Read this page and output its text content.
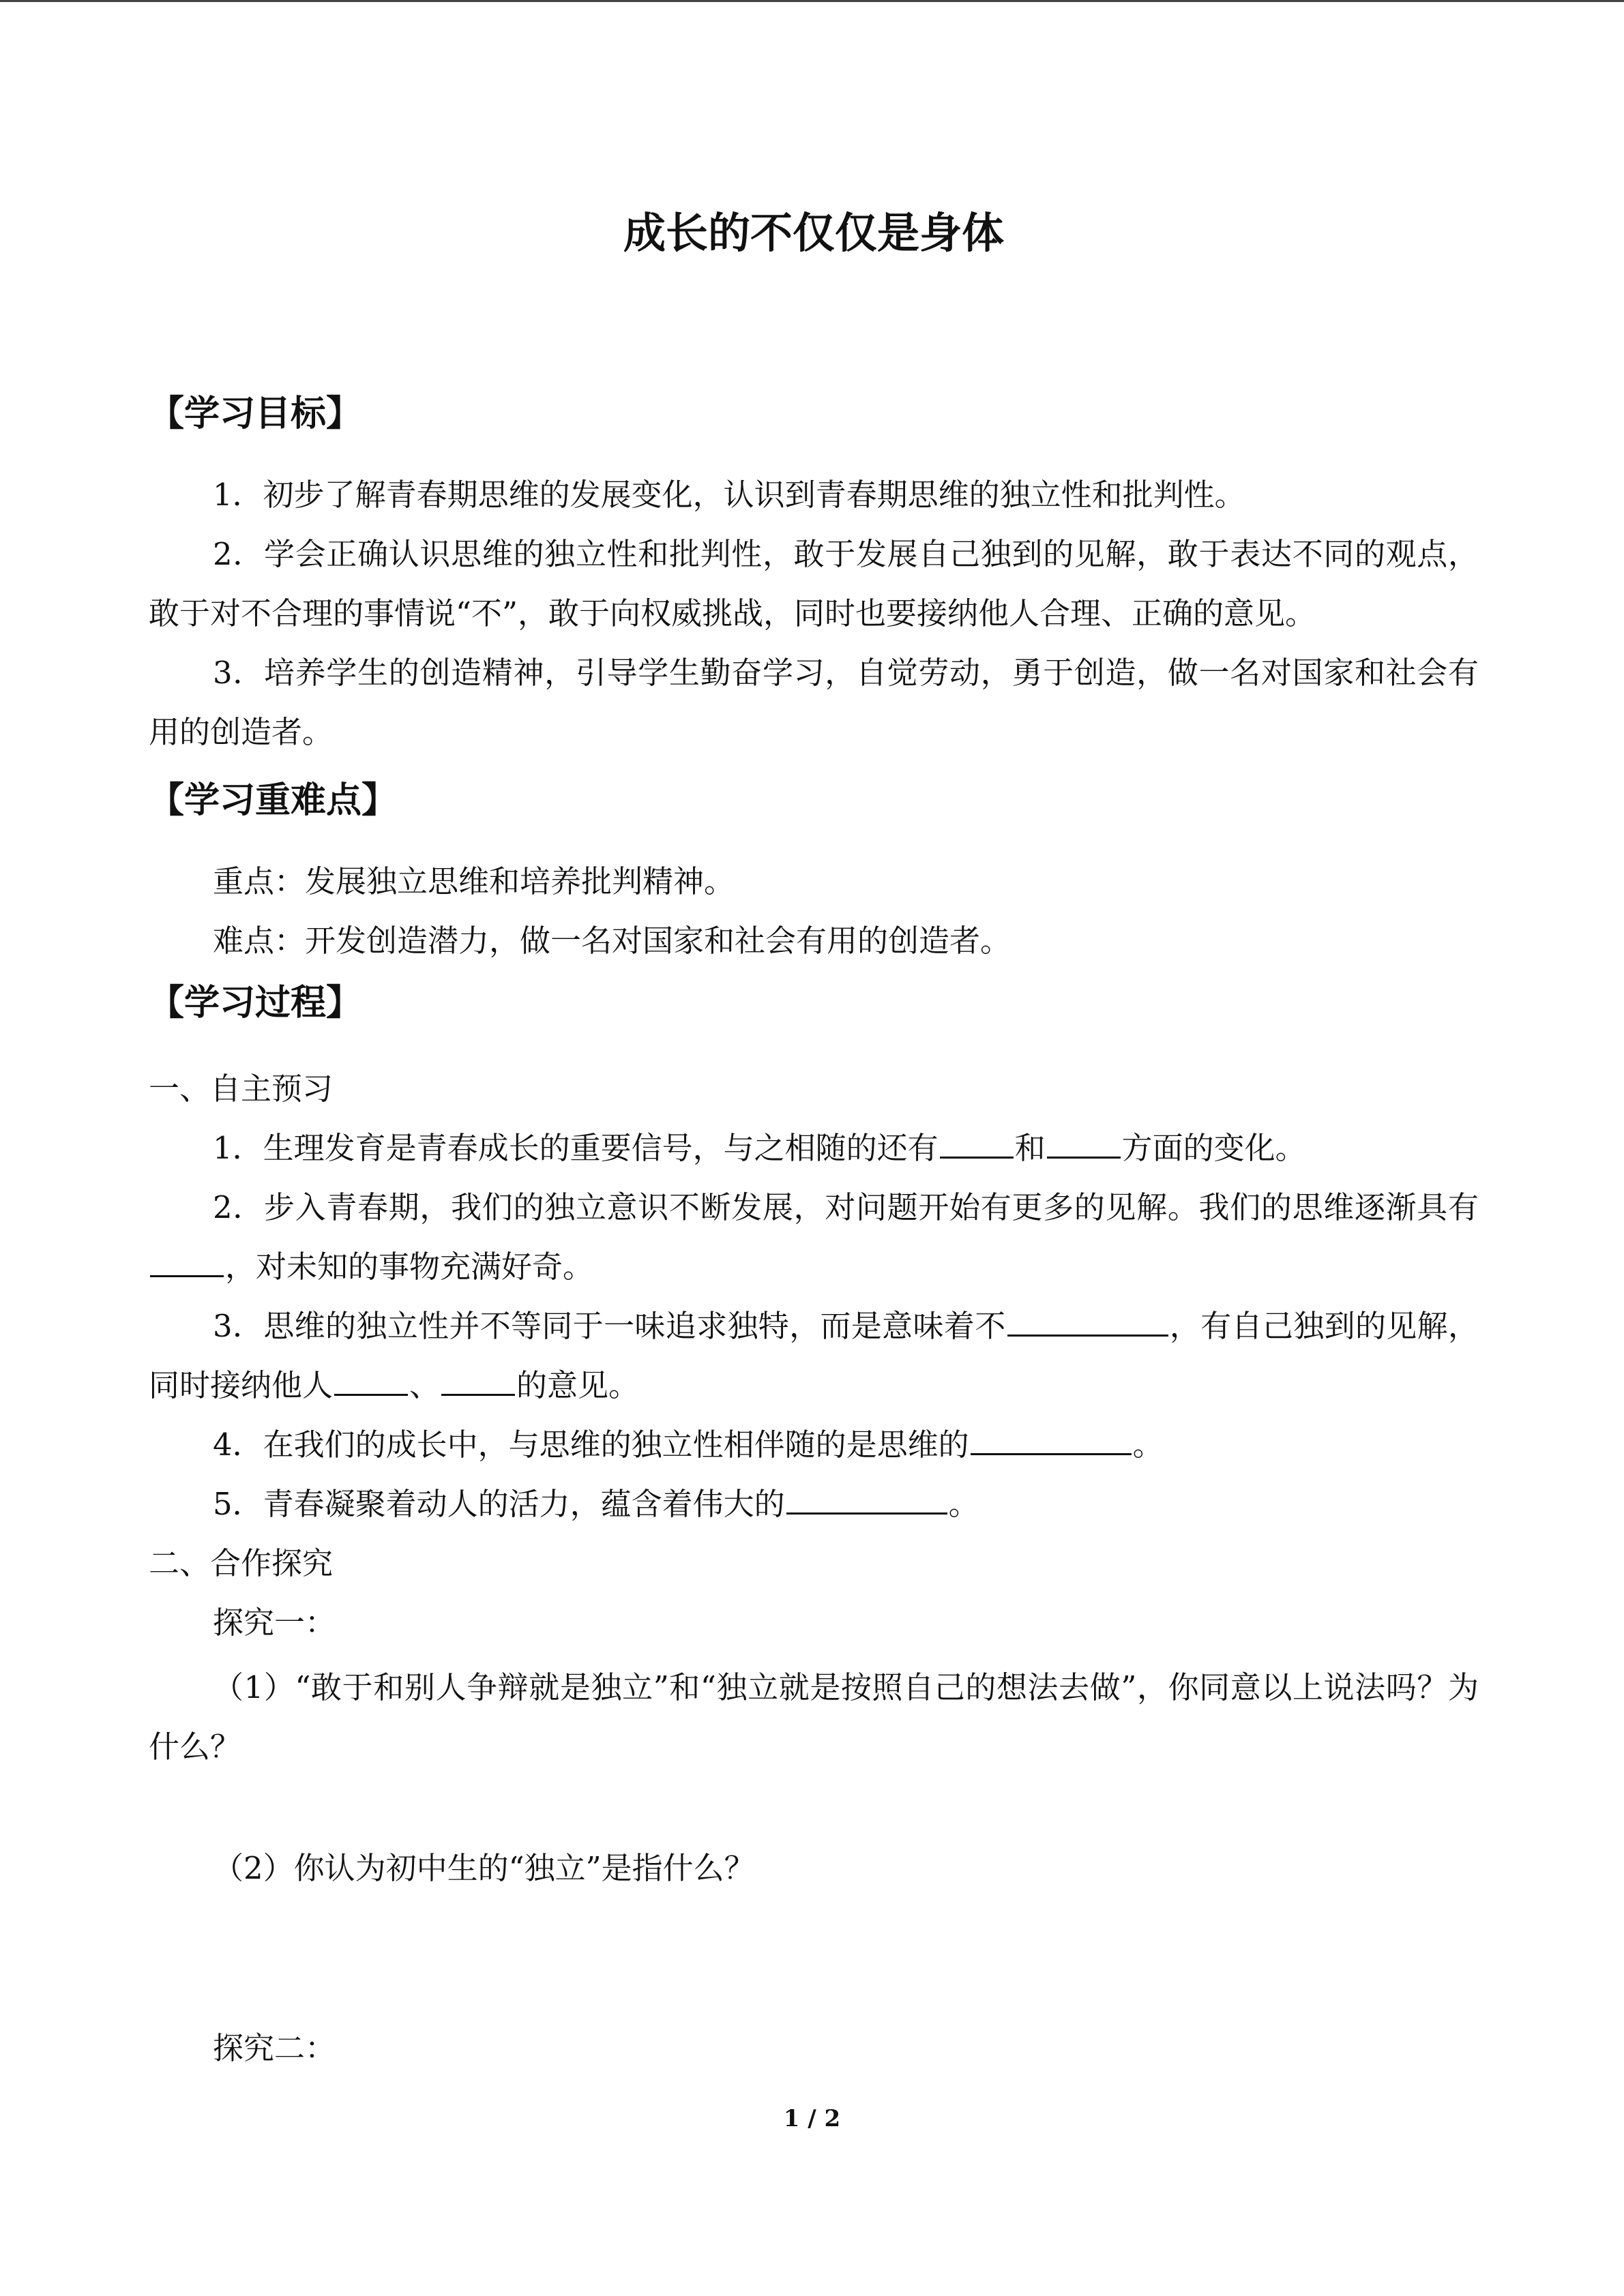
成长的不仅仅是身体
【学习目标】
1．初步了解青春期思维的发展变化，认识到青春期思维的独立性和批判性。
2．学会正确认识思维的独立性和批判性，敢于发展自己独到的见解，敢于表达不同的观点，敢于对不合理的事情说“不”，敢于向权威挑战，同时也要接纳他人合理、正确的意见。
3．培养学生的创造精神，引导学生勤奋学习，自觉劳动，勇于创造，做一名对国家和社会有用的创造者。
【学习重难点】
重点：发展独立思维和培养批判精神。
难点：开发创造潜力，做一名对国家和社会有用的创造者。
【学习过程】
一、自主预习
1．生理发育是青春成长的重要信号，与之相随的还有 和 方面的变化。
2．步入青春期，我们的独立意识不断发展，对问题开始有更多的见解。我们的思维逐渐具有，对未知的事物充满好奇。
3．思维的独立性并不等同于一味追求独特，而是意味着不	，有自己独到的见解，同时接纳他人 、 的意见。
4．在我们的成长中，与思维的独立性相伴随的是思维的	。
5．青春凝聚着动人的活力，蕴含着伟大的	。
二、合作探究
探究一：
（1）“敢于和别人争辩就是独立”和“独立就是按照自己的想法去做”，你同意以上说法吗？为什么？
（2）你认为初中生的“独立”是指什么？
探究二：
1 / 2
